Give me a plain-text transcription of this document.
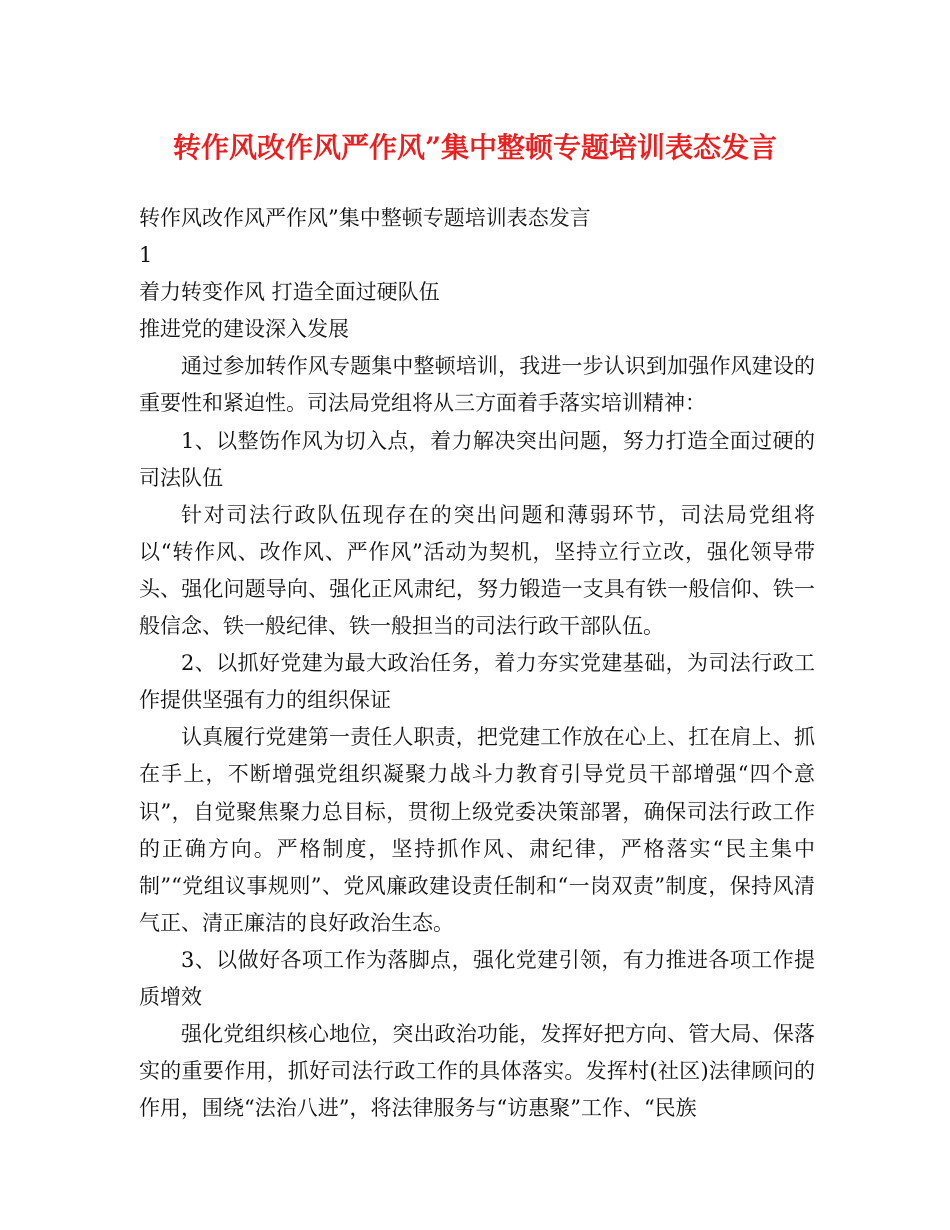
转作风改作风严作风”集中整顿专题培训表态发言

转作风改作风严作风”集中整顿专题培训表态发言

1

着力转变作风 打造全面过硬队伍

推进党的建设深入发展

通过参加转作风专题集中整顿培训，我进一步认识到加强作风建设的重要性和紧迫性。司法局党组将从三方面着手落实培训精神：

1、以整饬作风为切入点，着力解决突出问题，努力打造全面过硬的司法队伍

针对司法行政队伍现存在的突出问题和薄弱环节，司法局党组将以“转作风、改作风、严作风”活动为契机，坚持立行立改，强化领导带头、强化问题导向、强化正风肃纪，努力锻造一支具有铁一般信仰、铁一般信念、铁一般纪律、铁一般担当的司法行政干部队伍。

2、以抓好党建为最大政治任务，着力夯实党建基础，为司法行政工作提供坚强有力的组织保证

认真履行党建第一责任人职责，把党建工作放在心上、扛在肩上、抓在手上，不断增强党组织凝聚力战斗力教育引导党员干部增强“四个意识”，自觉聚焦聚力总目标，贯彻上级党委决策部署，确保司法行政工作的正确方向。严格制度，坚持抓作风、肃纪律，严格落实“民主集中制”“党组议事规则”、党风廉政建设责任制和“一岗双责”制度，保持风清气正、清正廉洁的良好政治生态。

3、以做好各项工作为落脚点，强化党建引领，有力推进各项工作提质增效

强化党组织核心地位，突出政治功能，发挥好把方向、管大局、保落实的重要作用，抓好司法行政工作的具体落实。发挥村(社区)法律顾问的作用，围绕“法治八进”，将法律服务与“访惠聚”工作、“民族
